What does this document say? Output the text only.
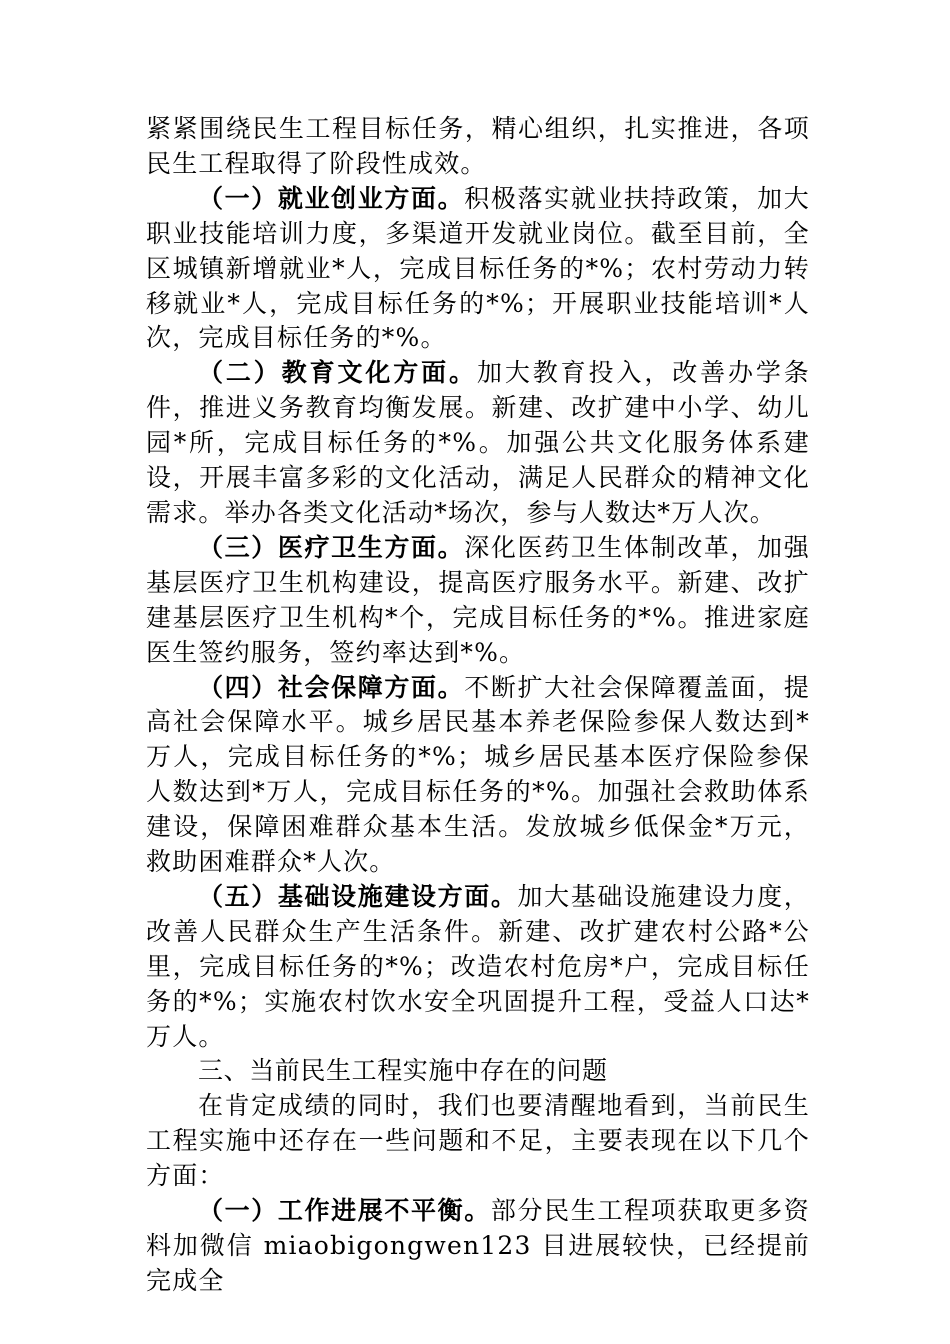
紧紧围绕民生工程目标任务，精心组织，扎实推进，各项民生工程取得了阶段性成效。

（一）就业创业方面。积极落实就业扶持政策，加大职业技能培训力度，多渠道开发就业岗位。截至目前，全区城镇新增就业*人，完成目标任务的*%；农村劳动力转移就业*人，完成目标任务的*%；开展职业技能培训*人次，完成目标任务的*%。

（二）教育文化方面。加大教育投入，改善办学条件，推进义务教育均衡发展。新建、改扩建中小学、幼儿园*所，完成目标任务的*%。加强公共文化服务体系建设，开展丰富多彩的文化活动，满足人民群众的精神文化需求。举办各类文化活动*场次，参与人数达*万人次。

（三）医疗卫生方面。深化医药卫生体制改革，加强基层医疗卫生机构建设，提高医疗服务水平。新建、改扩建基层医疗卫生机构*个，完成目标任务的*%。推进家庭医生签约服务，签约率达到*%。

（四）社会保障方面。不断扩大社会保障覆盖面，提高社会保障水平。城乡居民基本养老保险参保人数达到*万人，完成目标任务的*%；城乡居民基本医疗保险参保人数达到*万人，完成目标任务的*%。加强社会救助体系建设，保障困难群众基本生活。发放城乡低保金*万元，救助困难群众*人次。

（五）基础设施建设方面。加大基础设施建设力度，改善人民群众生产生活条件。新建、改扩建农村公路*公里，完成目标任务的*%；改造农村危房*户，完成目标任务的*%；实施农村饮水安全巩固提升工程，受益人口达*万人。

三、当前民生工程实施中存在的问题

在肯定成绩的同时，我们也要清醒地看到，当前民生工程实施中还存在一些问题和不足，主要表现在以下几个方面：

（一）工作进展不平衡。部分民生工程项获取更多资料加微信 miaobigongwen123 目进展较快，已经提前完成全
